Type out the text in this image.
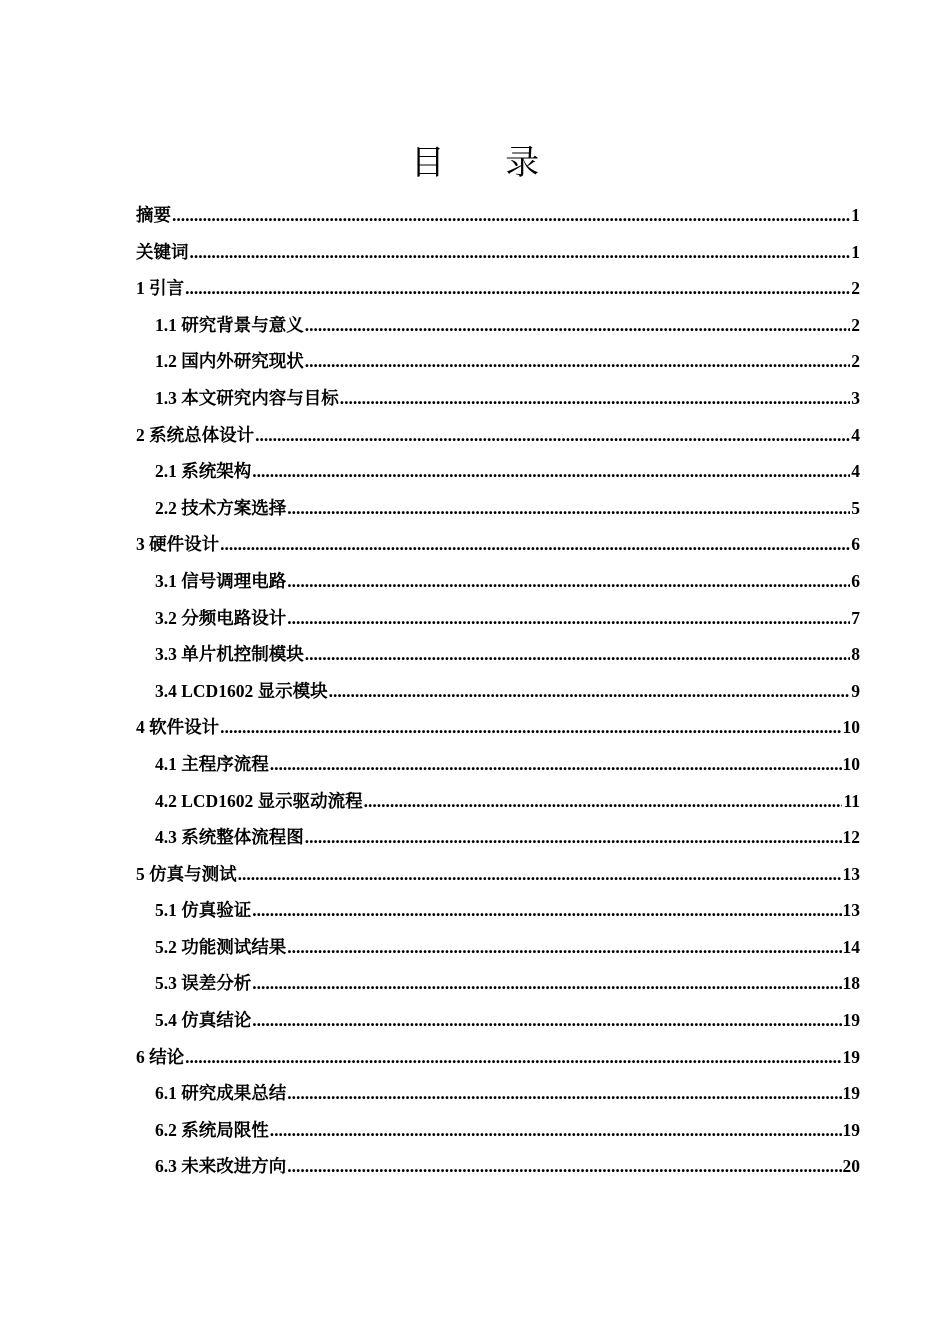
目 录
摘要 .....	1
关键词 .....	1
1 引言 .....	2
1.1 研究背景与意义 .....	2
1.2 国内外研究现状 .....	2
1.3 本文研究内容与目标 .....	3
2 系统总体设计 .....	4
2.1 系统架构 .....	4
2.2 技术方案选择 .....	5
3 硬件设计 .....	6
3.1 信号调理电路 .....	6
3.2 分频电路设计 .....	7
3.3 单片机控制模块 .....	8
3.4 LCD1602 显示模块 .....	9
4 软件设计 .....	10
4.1 主程序流程 .....	10
4.2 LCD1602 显示驱动流程 .....	11
4.3 系统整体流程图 .....	12
5 仿真与测试 .....	13
5.1 仿真验证 .....	13
5.2 功能测试结果 .....	14
5.3 误差分析 .....	18
5.4 仿真结论 .....	19
6 结论 .....	19
6.1 研究成果总结 .....	19
6.2 系统局限性 .....	19
6.3 未来改进方向 .....	20
